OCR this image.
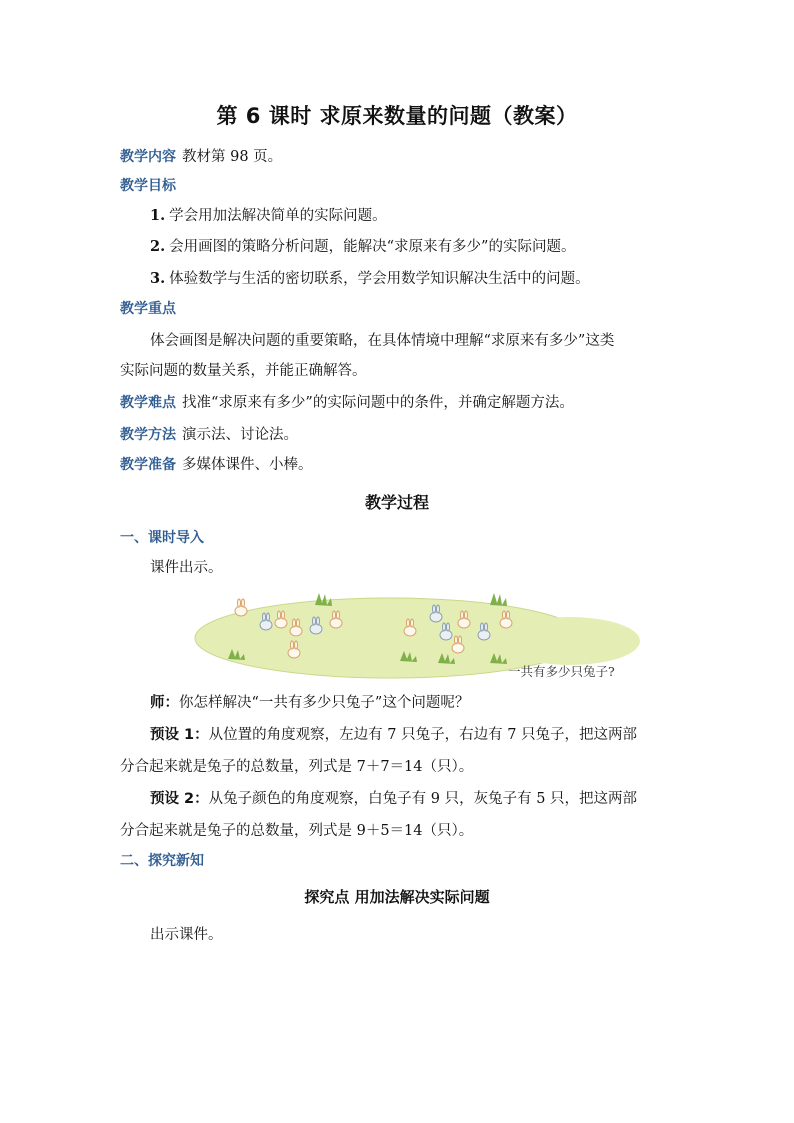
第 6 课时 求原来数量的问题（教案）
教学内容 教材第 98 页。
教学目标
1. 学会用加法解决简单的实际问题。
2. 会用画图的策略分析问题，能解决“求原来有多少”的实际问题。
3. 体验数学与生活的密切联系，学会用数学知识解决生活中的问题。
教学重点
体会画图是解决问题的重要策略，在具体情境中理解“求原来有多少”这类
实际问题的数量关系，并能正确解答。
教学难点 找准“求原来有多少”的实际问题中的条件，并确定解题方法。
教学方法 演示法、讨论法。
教学准备 多媒体课件、小棒。
教学过程
一、课时导入
课件出示。
一共有多少只兔子?
师：你怎样解决“一共有多少只兔子”这个问题呢？
预设 1：从位置的角度观察，左边有 7 只兔子，右边有 7 只兔子，把这两部
分合起来就是兔子的总数量，列式是 7＋7＝14（只）。
预设 2：从兔子颜色的角度观察，白兔子有 9 只，灰兔子有 5 只，把这两部
分合起来就是兔子的总数量，列式是 9＋5＝14（只）。
二、探究新知
探究点 用加法解决实际问题
出示课件。
